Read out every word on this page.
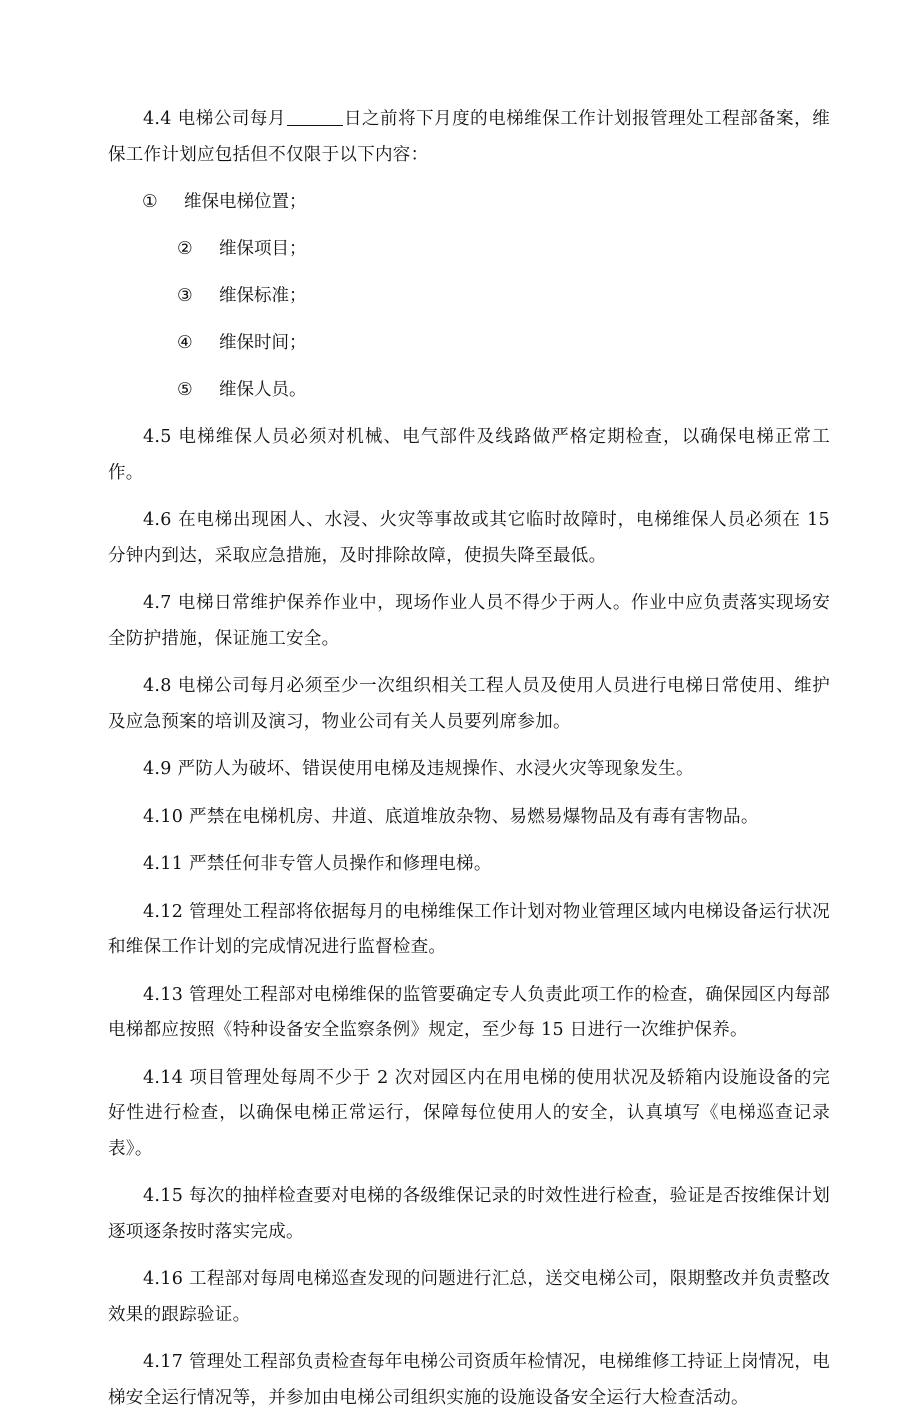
4.4 电梯公司每月	日之前将下月度的电梯维保工作计划报管理处工程部备案，维保工作计划应包括但不仅限于以下内容：

① 维保电梯位置；
② 维保项目；
③ 维保标准；
④ 维保时间；
⑤ 维保人员。

4.5 电梯维保人员必须对机械、电气部件及线路做严格定期检查，以确保电梯正常工作。

4.6 在电梯出现困人、水浸、火灾等事故或其它临时故障时，电梯维保人员必须在 15 分钟内到达，采取应急措施，及时排除故障，使损失降至最低。

4.7 电梯日常维护保养作业中，现场作业人员不得少于两人。作业中应负责落实现场安全防护措施，保证施工安全。

4.8 电梯公司每月必须至少一次组织相关工程人员及使用人员进行电梯日常使用、维护及应急预案的培训及演习，物业公司有关人员要列席参加。

4.9 严防人为破坏、错误使用电梯及违规操作、水浸火灾等现象发生。

4.10 严禁在电梯机房、井道、底道堆放杂物、易燃易爆物品及有毒有害物品。

4.11 严禁任何非专管人员操作和修理电梯。

4.12 管理处工程部将依据每月的电梯维保工作计划对物业管理区域内电梯设备运行状况和维保工作计划的完成情况进行监督检查。

4.13 管理处工程部对电梯维保的监管要确定专人负责此项工作的检查，确保园区内每部电梯都应按照《特种设备安全监察条例》规定，至少每 15 日进行一次维护保养。

4.14 项目管理处每周不少于 2 次对园区内在用电梯的使用状况及轿箱内设施设备的完好性进行检查，以确保电梯正常运行，保障每位使用人的安全，认真填写《电梯巡查记录表》。

4.15 每次的抽样检查要对电梯的各级维保记录的时效性进行检查，验证是否按维保计划逐项逐条按时落实完成。

4.16 工程部对每周电梯巡查发现的问题进行汇总，送交电梯公司，限期整改并负责整改效果的跟踪验证。

4.17 管理处工程部负责检查每年电梯公司资质年检情况，电梯维修工持证上岗情况，电梯安全运行情况等，并参加由电梯公司组织实施的设施设备安全运行大检查活动。
